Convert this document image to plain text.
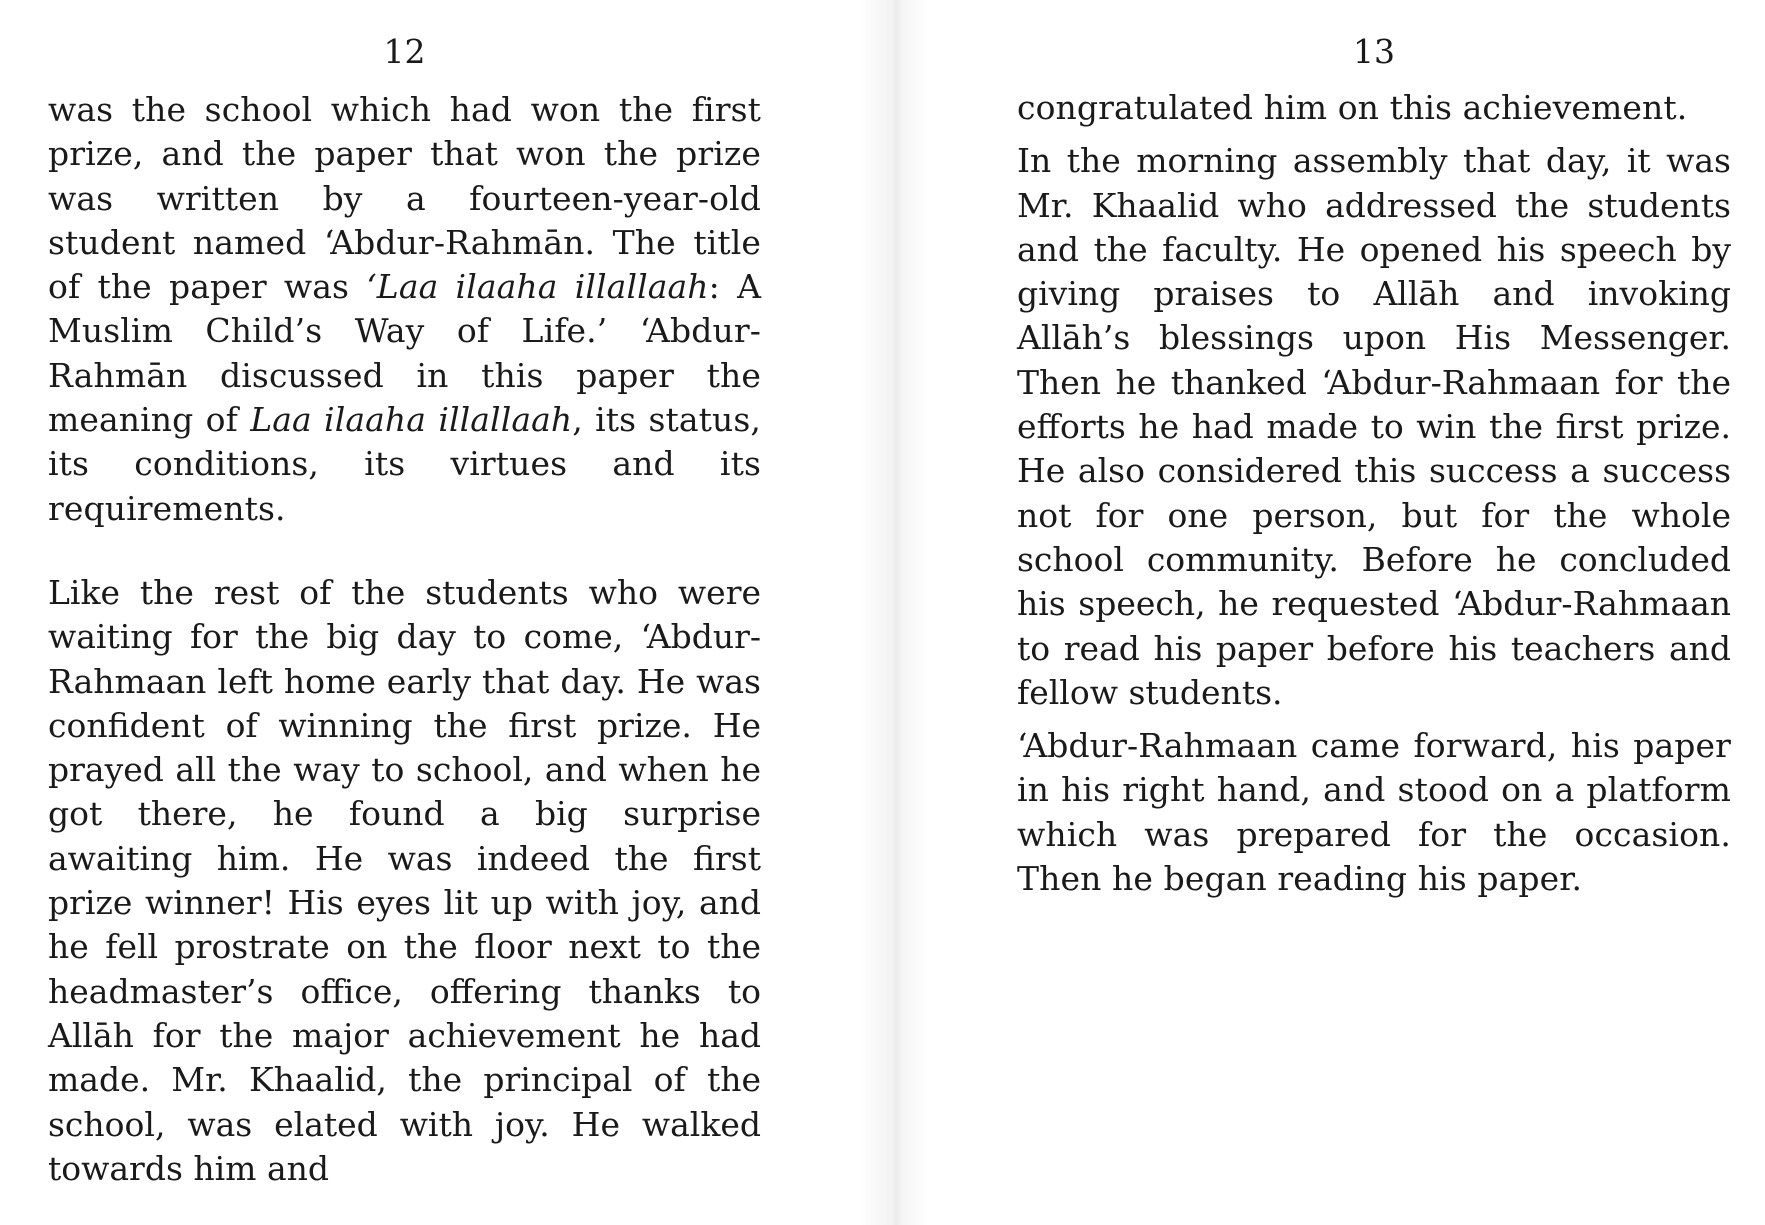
12

was the school which had won the first prize, and the paper that won the prize was written by a fourteen-year-old student named ‘Abdur-Rahmān. The title of the paper was ‘Laa ilaaha illallaah: A Muslim Child’s Way of Life.’ ‘Abdur-Rahmān discussed in this paper the meaning of Laa ilaaha illallaah, its status, its conditions, its virtues and its requirements.

Like the rest of the students who were waiting for the big day to come, ‘Abdur-Rahmaan left home early that day. He was confident of winning the first prize. He prayed all the way to school, and when he got there, he found a big surprise awaiting him. He was indeed the first prize winner! His eyes lit up with joy, and he fell prostrate on the floor next to the headmaster’s office, offering thanks to Allāh for the major achievement he had made. Mr. Khaalid, the principal of the school, was elated with joy. He walked towards him and

13

congratulated him on this achievement.

In the morning assembly that day, it was Mr. Khaalid who addressed the students and the faculty. He opened his speech by giving praises to Allāh and invoking Allāh’s blessings upon His Messenger. Then he thanked ‘Abdur-Rahmaan for the efforts he had made to win the first prize. He also considered this success a success not for one person, but for the whole school community. Before he concluded his speech, he requested ‘Abdur-Rahmaan to read his paper before his teachers and fellow students.

‘Abdur-Rahmaan came forward, his paper in his right hand, and stood on a platform which was prepared for the occasion. Then he began reading his paper.
